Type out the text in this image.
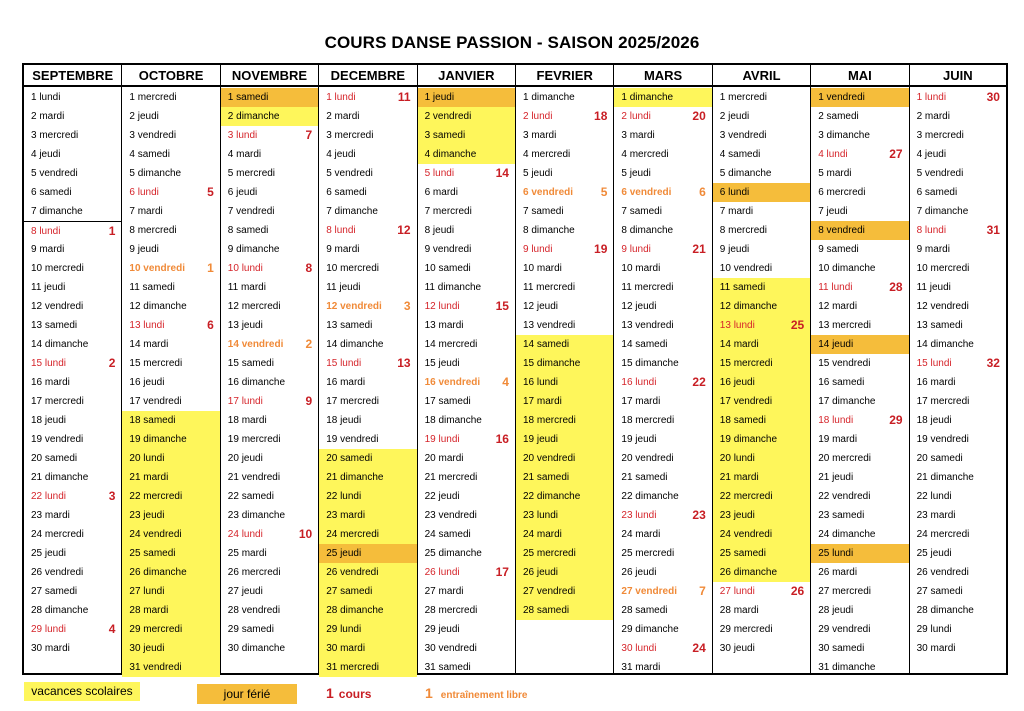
COURS DANSE PASSION - SAISON 2025/2026
SEPTEMBRE
1 lundi
2 mardi
3 mercredi
4 jeudi
5 vendredi
6 samedi
7 dimanche
8 lundi	1
9 mardi
10 mercredi
11 jeudi
12 vendredi
13 samedi
14 dimanche
15 lundi	2
16 mardi
17 mercredi
18 jeudi
19 vendredi
20 samedi
21 dimanche
22 lundi	3
23 mardi
24 mercredi
25 jeudi
26 vendredi
27 samedi
28 dimanche
29 lundi	4
30 mardi
OCTOBRE
1 mercredi
2 jeudi
3 vendredi
4 samedi
5 dimanche
6 lundi	5
7 mardi
8 mercredi
9 jeudi
10 vendredi 1
11 samedi
12 dimanche
13 lundi	6
14 mardi
15 mercredi
16 jeudi
17 vendredi
18 samedi
19 dimanche
20 lundi
21 mardi
22 mercredi
23 jeudi
24 vendredi
25 samedi
26 dimanche
27 lundi
28 mardi
29 mercredi
30 jeudi
31 vendredi
NOVEMBRE
1 samedi
2 dimanche
3 lundi	7
4 mardi
5 mercredi
6 jeudi
7 vendredi
8 samedi
9 dimanche
10 lundi	8
11 mardi
12 mercredi
13 jeudi
14 vendredi 2
15 samedi
16 dimanche
17 lundi	9
18 mardi
19 mercredi
20 jeudi
21 vendredi
22 samedi
23 dimanche
24 lundi	10
25 mardi
26 mercredi
27 jeudi
28 vendredi
29 samedi
30 dimanche
DECEMBRE
1 lundi	11
2 mardi
3 mercredi
4 jeudi
5 vendredi
6 samedi
7 dimanche
8 lundi	12
9 mardi
10 mercredi
11 jeudi
12 vendredi 3
13 samedi
14 dimanche
15 lundi	13
16 mardi
17 mercredi
18 jeudi
19 vendredi
20 samedi
21 dimanche
22 lundi
23 mardi
24 mercredi
25 jeudi
26 vendredi
27 samedi
28 dimanche
29 lundi
30 mardi
31 mercredi
JANVIER
1 jeudi
2 vendredi
3 samedi
4 dimanche
5 lundi	14
6 mardi
7 mercredi
8 jeudi
9 vendredi
10 samedi
11 dimanche
12 lundi	15
13 mardi
14 mercredi
15 jeudi
16 vendredi 4
17 samedi
18 dimanche
19 lundi	16
20 mardi
21 mercredi
22 jeudi
23 vendredi
24 samedi
25 dimanche
26 lundi	17
27 mardi
28 mercredi
29 jeudi
30 vendredi
31 samedi
FEVRIER
1 dimanche
2 lundi	18
3 mardi
4 mercredi
5 jeudi
6 vendredi 5
7 samedi
8 dimanche
9 lundi	19
10 mardi
11 mercredi
12 jeudi
13 vendredi
14 samedi
15 dimanche
16 lundi
17 mardi
18 mercredi
19 jeudi
20 vendredi
21 samedi
22 dimanche
23 lundi
24 mardi
25 mercredi
26 jeudi
27 vendredi
28 samedi
MARS
1 dimanche
2 lundi	20
3 mardi
4 mercredi
5 jeudi
6 vendredi 6
7 samedi
8 dimanche
9 lundi	21
10 mardi
11 mercredi
12 jeudi
13 vendredi
14 samedi
15 dimanche
16 lundi	22
17 mardi
18 mercredi
19 jeudi
20 vendredi
21 samedi
22 dimanche
23 lundi	23
24 mardi
25 mercredi
26 jeudi
27 vendredi 7
28 samedi
29 dimanche
30 lundi	24
31 mardi
AVRIL
1 mercredi
2 jeudi
3 vendredi
4 samedi
5 dimanche
6 lundi
7 mardi
8 mercredi
9 jeudi
10 vendredi
11 samedi
12 dimanche
13 lundi	25
14 mardi
15 mercredi
16 jeudi
17 vendredi
18 samedi
19 dimanche
20 lundi
21 mardi
22 mercredi
23 jeudi
24 vendredi
25 samedi
26 dimanche
27 lundi	26
28 mardi
29 mercredi
30 jeudi
MAI
1 vendredi
2 samedi
3 dimanche
4 lundi	27
5 mardi
6 mercredi
7 jeudi
8 vendredi
9 samedi
10 dimanche
11 lundi	28
12 mardi
13 mercredi
14 jeudi
15 vendredi
16 samedi
17 dimanche
18 lundi	29
19 mardi
20 mercredi
21 jeudi
22 vendredi
23 samedi
24 dimanche
25 lundi
26 mardi
27 mercredi
28 jeudi
29 vendredi
30 samedi
31 dimanche
JUIN
1 lundi	30
2 mardi
3 mercredi
4 jeudi
5 vendredi
6 samedi
7 dimanche
8 lundi	31
9 mardi
10 mercredi
11 jeudi
12 vendredi
13 samedi
14 dimanche
15 lundi	32
16 mardi
17 mercredi
18 jeudi
19 vendredi
20 samedi
21 dimanche
22 lundi
23 mardi
24 mercredi
25 jeudi
26 vendredi
27 samedi
28 dimanche
29 lundi
30 mardi
vacances scolaires	jour férié	1 cours	1 entraînement libre
